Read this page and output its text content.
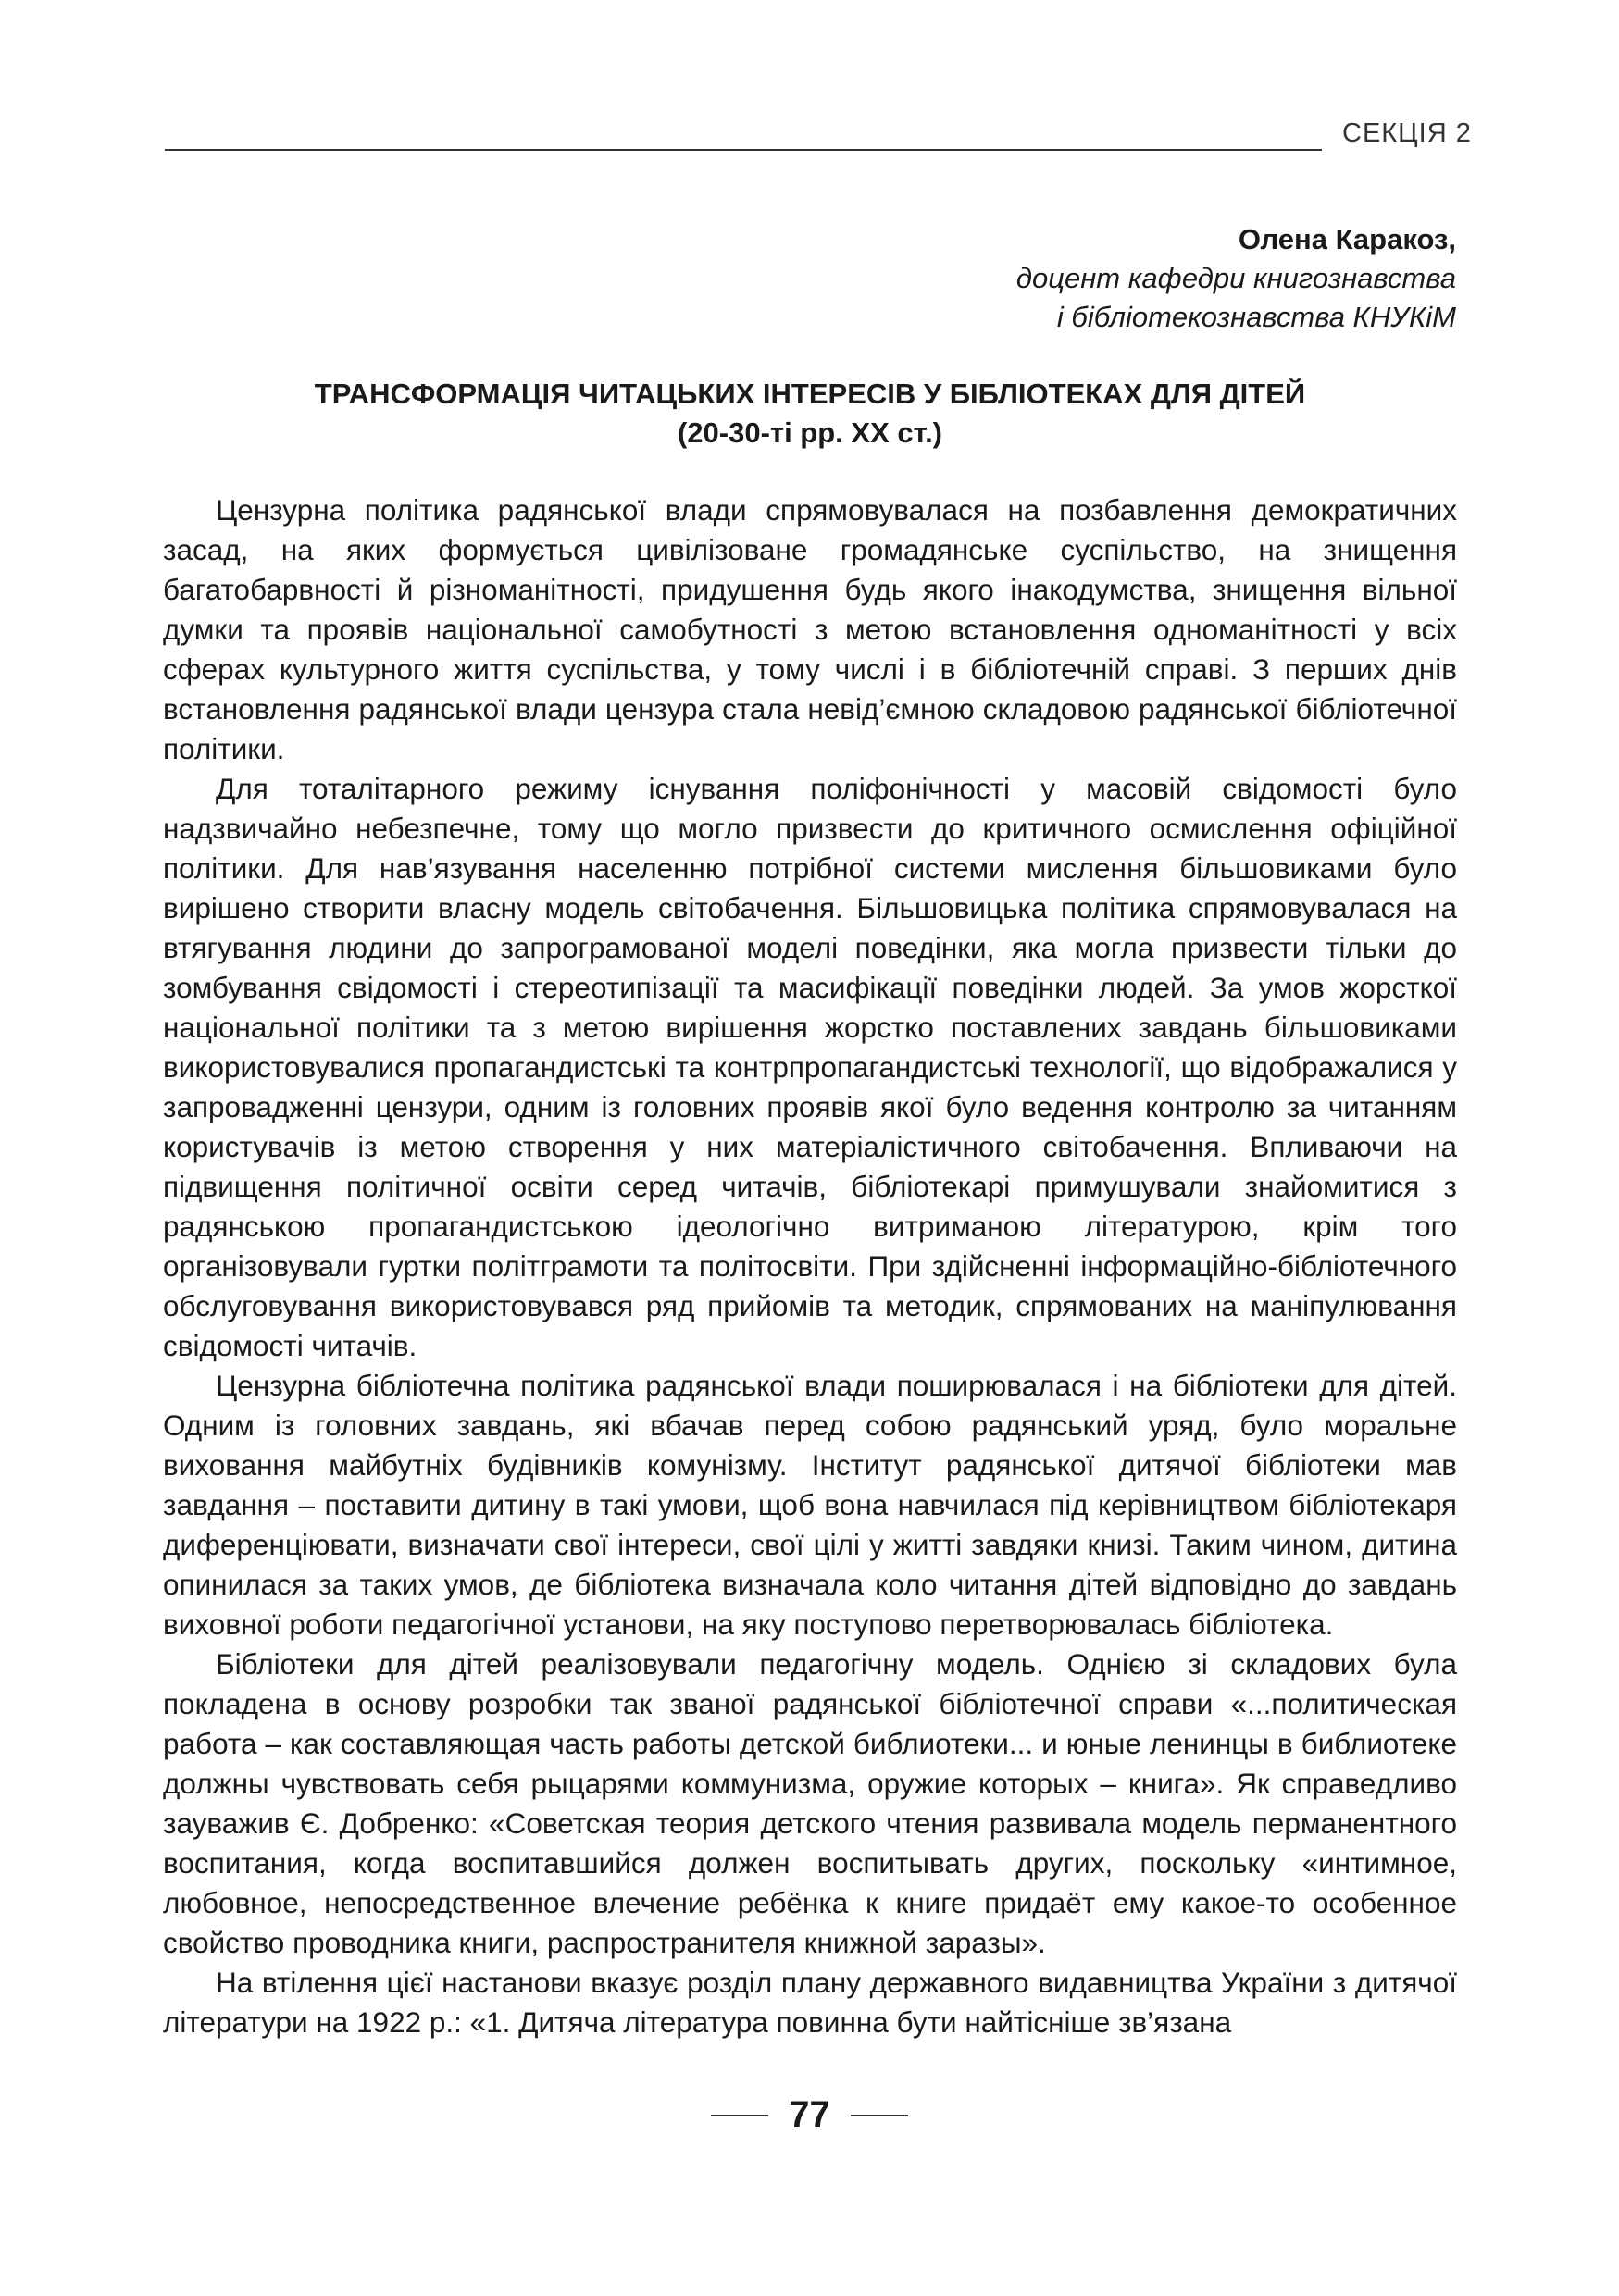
СЕКЦІЯ 2
Олена Каракоз,
доцент кафедри книгознавства
і бібліотекознавства КНУКіМ
ТРАНСФОРМАЦІЯ ЧИТАЦЬКИХ ІНТЕРЕСІВ У БІБЛІОТЕКАХ ДЛЯ ДІТЕЙ
(20-30-ті рр. ХХ ст.)

Цензурна політика радянської влади спрямовувалася на позбавлення демократичних засад, на яких формується цивілізоване громадянське суспільство, на знищення багатобарвності й різноманітності, придушення будь якого інакодумства, знищення вільної думки та проявів національної самобутності з метою встановлення одноманітності у всіх сферах культурного життя суспільства, у тому числі і в бібліотечній справі. З перших днів встановлення радянської влади цензура стала невід’ємною складовою радянської бібліотечної політики.

Для тоталітарного режиму існування поліфонічності у масовій свідомості було надзвичайно небезпечне, тому що могло призвести до критичного осмислення офіційної політики. Для нав’язування населенню потрібної системи мислення більшовиками було вирішено створити власну модель світобачення. Більшовицька політика спрямовувалася на втягування людини до запрограмованої моделі поведінки, яка могла призвести тільки до зомбування свідомості і стереотипізації та масифікації поведінки людей. За умов жорсткої національної політики та з метою вирішення жорстко поставлених завдань більшовиками використовувалися пропагандистські та контрпропагандистські технології, що відображалися у запровадженні цензури, одним із головних проявів якої було ведення контролю за читанням користувачів із метою створення у них матеріалістичного світобачення. Впливаючи на підвищення політичної освіти серед читачів, бібліотекарі примушували знайомитися з радянською пропагандистською ідеологічно витриманою літературою, крім того організовували гуртки політграмоти та політосвіти. При здійсненні інформаційно-бібліотечного обслуговування використовувався ряд прийомів та методик, спрямованих на маніпулювання свідомості читачів.

Цензурна бібліотечна політика радянської влади поширювалася і на бібліотеки для дітей. Одним із головних завдань, які вбачав перед собою радянський уряд, було моральне виховання майбутніх будівників комунізму. Інститут радянської дитячої бібліотеки мав завдання – поставити дитину в такі умови, щоб вона навчилася під керівництвом бібліотекаря диференціювати, визначати свої інтереси, свої цілі у житті завдяки книзі. Таким чином, дитина опинилася за таких умов, де бібліотека визначала коло читання дітей відповідно до завдань виховної роботи педагогічної установи, на яку поступово перетворювалась бібліотека.

Бібліотеки для дітей реалізовували педагогічну модель. Однією зі складових була покладена в основу розробки так званої радянської бібліотечної справи «...политическая работа – как составляющая часть работы детской библиотеки... и юные ленинцы в библиотеке должны чувствовать себя рыцарями коммунизма, оружие которых – книга». Як справедливо зауважив Є. Добренко: «Советская теория детского чтения развивала модель перманентного воспитания, когда воспитавшийся должен воспитывать других, поскольку «интимное, любовное, непосредственное влечение ребёнка к книге придаёт ему какое-то особенное свойство проводника книги, распространителя книжной заразы».

На втілення цієї настанови вказує розділ плану державного видавництва України з дитячої літератури на 1922 р.: «1. Дитяча література повинна бути найтісніше зв’язана

77
